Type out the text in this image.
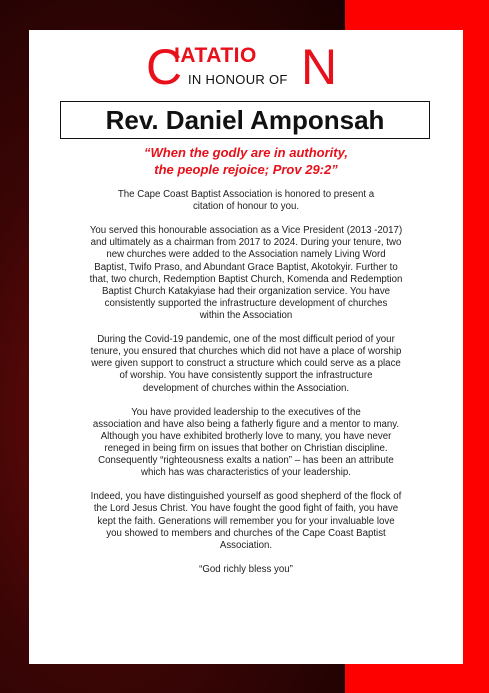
C
IATATIO N
IN HONOUR OF
Rev. Daniel Amponsah
“When the godly are in authority,
the people rejoice; Prov 29:2”

The Cape Coast Baptist Association is honored to present a
citation of honour to you.

You served this honourable association as a Vice President (2013 -2017)
and ultimately as a chairman from 2017 to 2024. During your tenure, two
new churches were added to the Association namely Living Word
Baptist, Twifo Praso, and Abundant Grace Baptist, Akotokyir. Further to
that, two church, Redemption Baptist Church, Komenda and Redemption
Baptist Church Katakyiase had their organization service. You have
consistently supported the infrastructure development of churches
within the Association

During the Covid-19 pandemic, one of the most difficult period of your
tenure, you ensured that churches which did not have a place of worship
were given support to construct a structure which could serve as a place
of worship. You have consistently support the infrastructure
development of churches within the Association.

You have provided leadership to the executives of the
association and have also being a fatherly figure and a mentor to many.
Although you have exhibited brotherly love to many, you have never
reneged in being firm on issues that bother on Christian discipline.
Consequently “righteousness exalts a nation” – has been an attribute
which has was characteristics of your leadership.

Indeed, you have distinguished yourself as good shepherd of the flock of
the Lord Jesus Christ. You have fought the good fight of faith, you have
kept the faith. Generations will remember you for your invaluable love
you showed to members and churches of the Cape Coast Baptist
Association.

“God richly bless you”
